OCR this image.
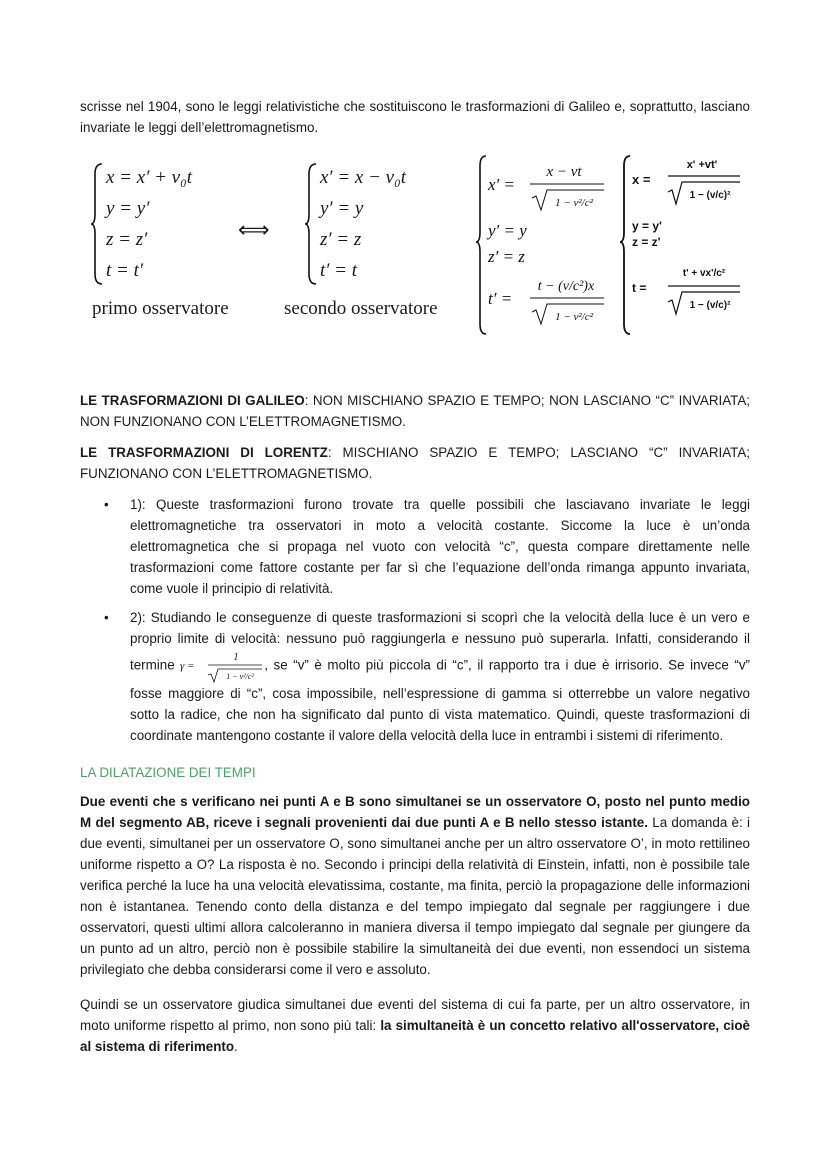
scrisse nel 1904, sono le leggi relativistiche che sostituiscono le trasformazioni di Galileo e, soprattutto, lasciano invariate le leggi dell’elettromagnetismo.

x = x′ + v₀t
y = y′
z = z′
t = t′
primo osservatore
⟺
x′ = x − v₀t
y′ = y
z′ = z
t′ = t
secondo osservatore
x′ =
x − vt
1 − v²/c²
y′ = y
z′ = z
t′ =
t − (v/c²)x
1 − v²/c²
x =
x' +vt'
1 − (v/c)²
y = y'
z = z'
t =
t' + vx'/c²
1 − (v/c)²

LE TRASFORMAZIONI DI GALILEO: NON MISCHIANO SPAZIO E TEMPO; NON LASCIANO “C” INVARIATA; NON FUNZIONANO CON L’ELETTROMAGNETISMO.

LE TRASFORMAZIONI DI LORENTZ: MISCHIANO SPAZIO E TEMPO; LASCIANO “C” INVARIATA; FUNZIONANO CON L’ELETTROMAGNETISMO.

• 1): Queste trasformazioni furono trovate tra quelle possibili che lasciavano invariate le leggi elettromagnetiche tra osservatori in moto a velocità costante. Siccome la luce è un’onda elettromagnetica che si propaga nel vuoto con velocità “c”, questa compare direttamente nelle trasformazioni come fattore costante per far sì che l’equazione dell’onda rimanga appunto invariata, come vuole il principio di relatività.

• 2): Studiando le conseguenze di queste trasformazioni si scoprì che la velocità della luce è un vero e proprio limite di velocità: nessuno può raggiungerla e nessuno può superarla. Infatti, considerando il termine γ =
1
1 − v²/c²
, se “v” è molto più piccola di “c”, il rapporto tra i due è irrisorio. Se invece “v” fosse maggiore di “c”, cosa impossibile, nell’espressione di gamma si otterrebbe un valore negativo sotto la radice, che non ha significato dal punto di vista matematico. Quindi, queste trasformazioni di coordinate mantengono costante il valore della velocità della luce in entrambi i sistemi di riferimento.

LA DILATAZIONE DEI TEMPI

Due eventi che s verificano nei punti A e B sono simultanei se un osservatore O, posto nel punto medio M del segmento AB, riceve i segnali provenienti dai due punti A e B nello stesso istante. La domanda è: i due eventi, simultanei per un osservatore O, sono simultanei anche per un altro osservatore O’, in moto rettilineo uniforme rispetto a O? La risposta è no. Secondo i principi della relatività di Einstein, infatti, non è possibile tale verifica perché la luce ha una velocità elevatissima, costante, ma finita, perciò la propagazione delle informazioni non è istantanea. Tenendo conto della distanza e del tempo impiegato dal segnale per raggiungere i due osservatori, questi ultimi allora calcoleranno in maniera diversa il tempo impiegato dal segnale per giungere da un punto ad un altro, perciò non è possibile stabilire la simultaneità dei due eventi, non essendoci un sistema privilegiato che debba considerarsi come il vero e assoluto.

Quindi se un osservatore giudica simultanei due eventi del sistema di cui fa parte, per un altro osservatore, in moto uniforme rispetto al primo, non sono più tali: la simultaneità è un concetto relativo all'osservatore, cioè al sistema di riferimento.
